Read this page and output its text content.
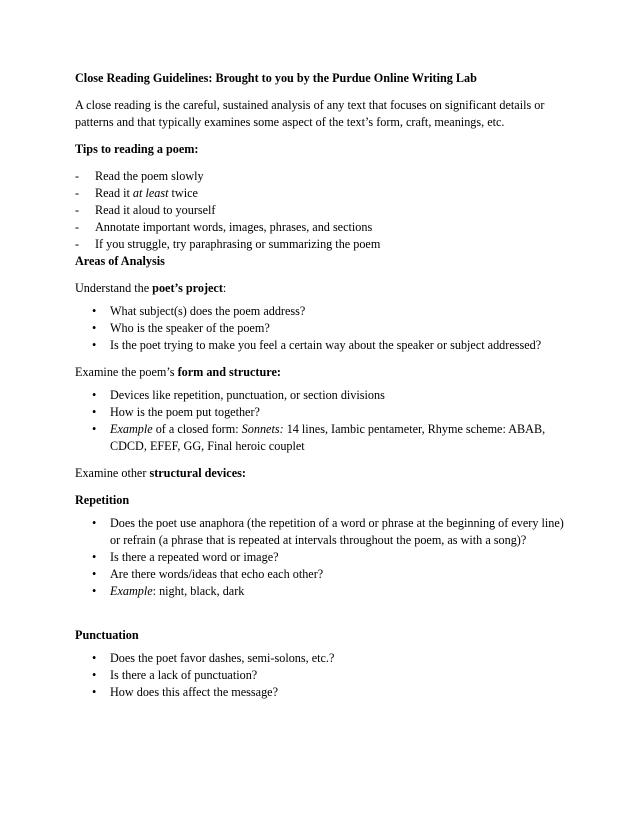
Close Reading Guidelines: Brought to you by the Purdue Online Writing Lab

A close reading is the careful, sustained analysis of any text that focuses on significant details or patterns and that typically examines some aspect of the text’s form, craft, meanings, etc.

Tips to reading a poem:

- Read the poem slowly
- Read it at least twice
- Read it aloud to yourself
- Annotate important words, images, phrases, and sections
- If you struggle, try paraphrasing or summarizing the poem

Areas of Analysis

Understand the poet’s project:

• What subject(s) does the poem address?
• Who is the speaker of the poem?
• Is the poet trying to make you feel a certain way about the speaker or subject addressed?

Examine the poem’s form and structure:

• Devices like repetition, punctuation, or section divisions
• How is the poem put together?
• Example of a closed form: Sonnets: 14 lines, Iambic pentameter, Rhyme scheme: ABAB, CDCD, EFEF, GG, Final heroic couplet

Examine other structural devices:

Repetition

• Does the poet use anaphora (the repetition of a word or phrase at the beginning of every line) or refrain (a phrase that is repeated at intervals throughout the poem, as with a song)?
• Is there a repeated word or image?
• Are there words/ideas that echo each other?
• Example: night, black, dark

Punctuation

• Does the poet favor dashes, semi-solons, etc.?
• Is there a lack of punctuation?
• How does this affect the message?
